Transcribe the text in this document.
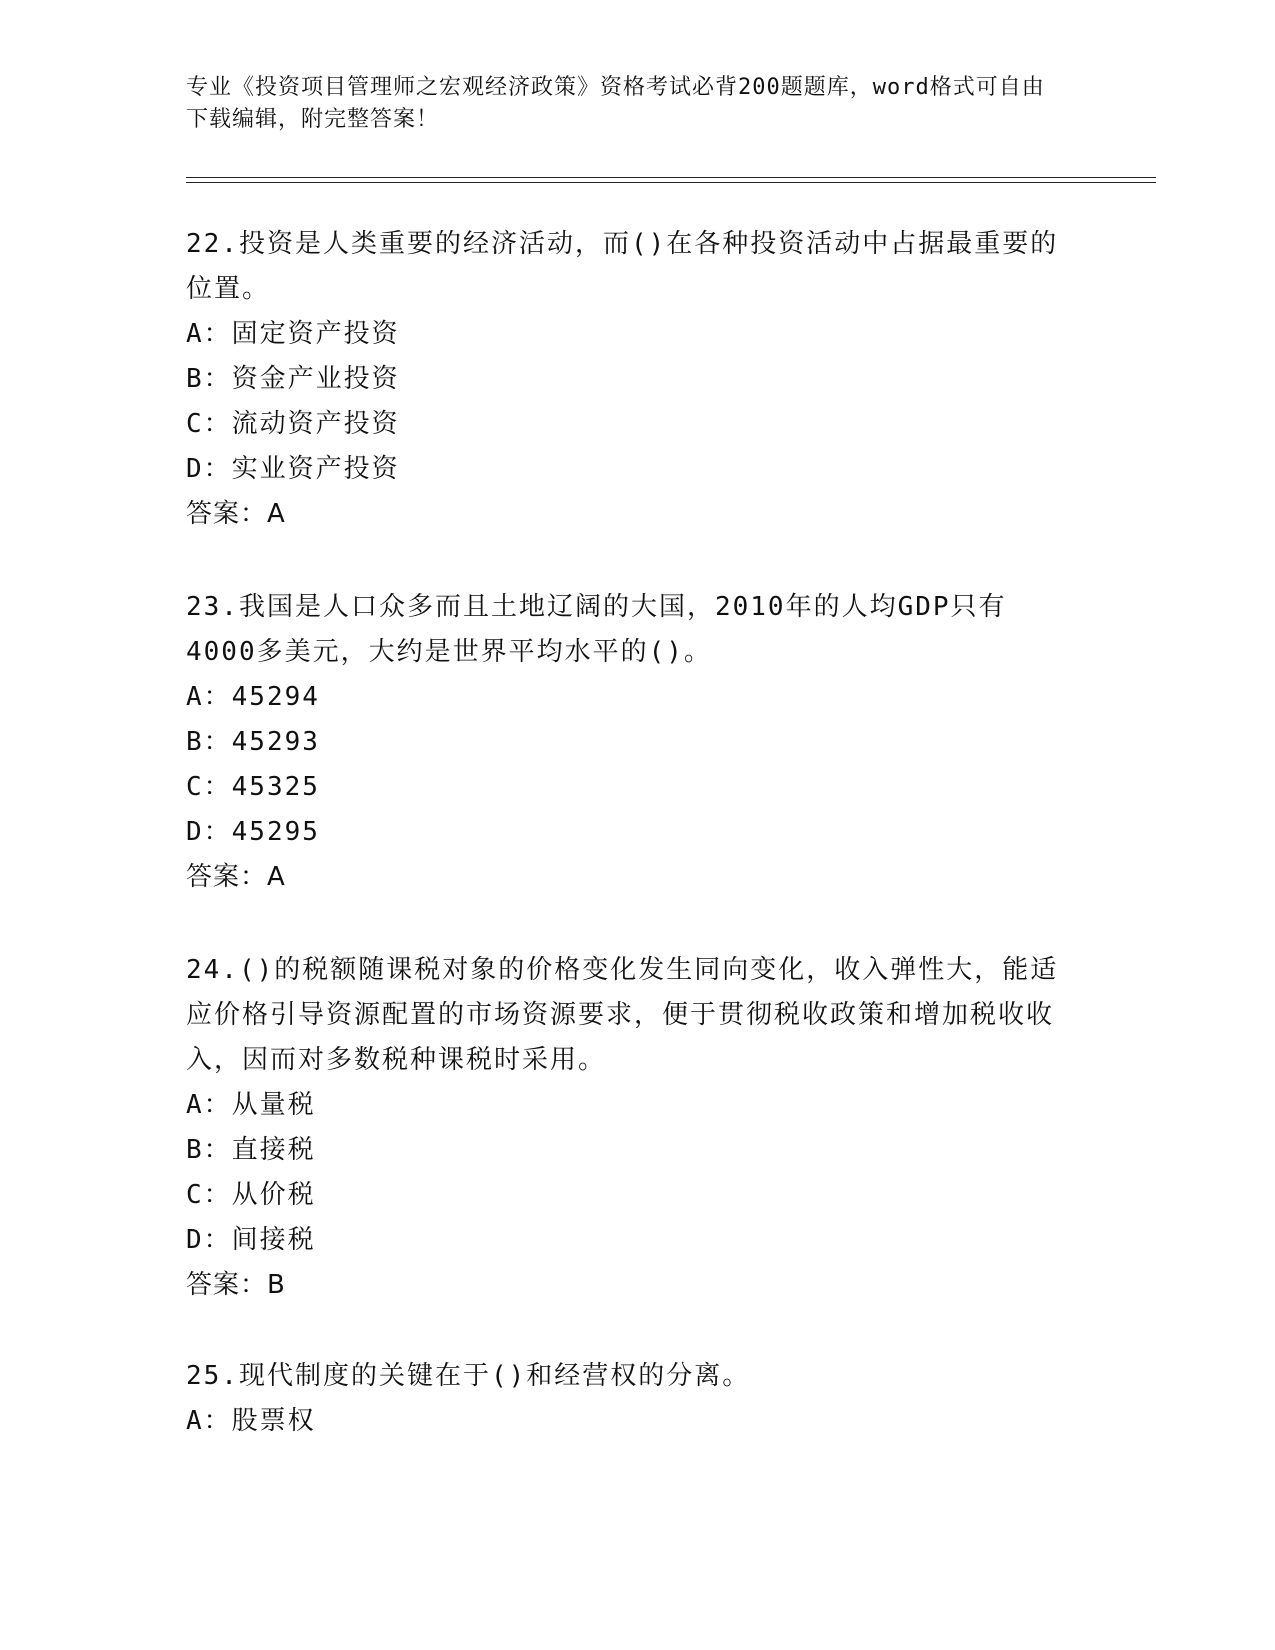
专业《投资项目管理师之宏观经济政策》资格考试必背200题题库，word格式可自由下载编辑，附完整答案！

22.投资是人类重要的经济活动，而()在各种投资活动中占据最重要的位置。

A：固定资产投资

B：资金产业投资

C：流动资产投资

D：实业资产投资

答案：A

23.我国是人口众多而且土地辽阔的大国，2010年的人均GDP只有4000多美元，大约是世界平均水平的()。

A：45294

B：45293

C：45325

D：45295

答案：A

24.()的税额随课税对象的价格变化发生同向变化，收入弹性大，能适应价格引导资源配置的市场资源要求，便于贯彻税收政策和增加税收收入，因而对多数税种课税时采用。

A：从量税

B：直接税

C：从价税

D：间接税

答案：B

25.现代制度的关键在于()和经营权的分离。

A：股票权
